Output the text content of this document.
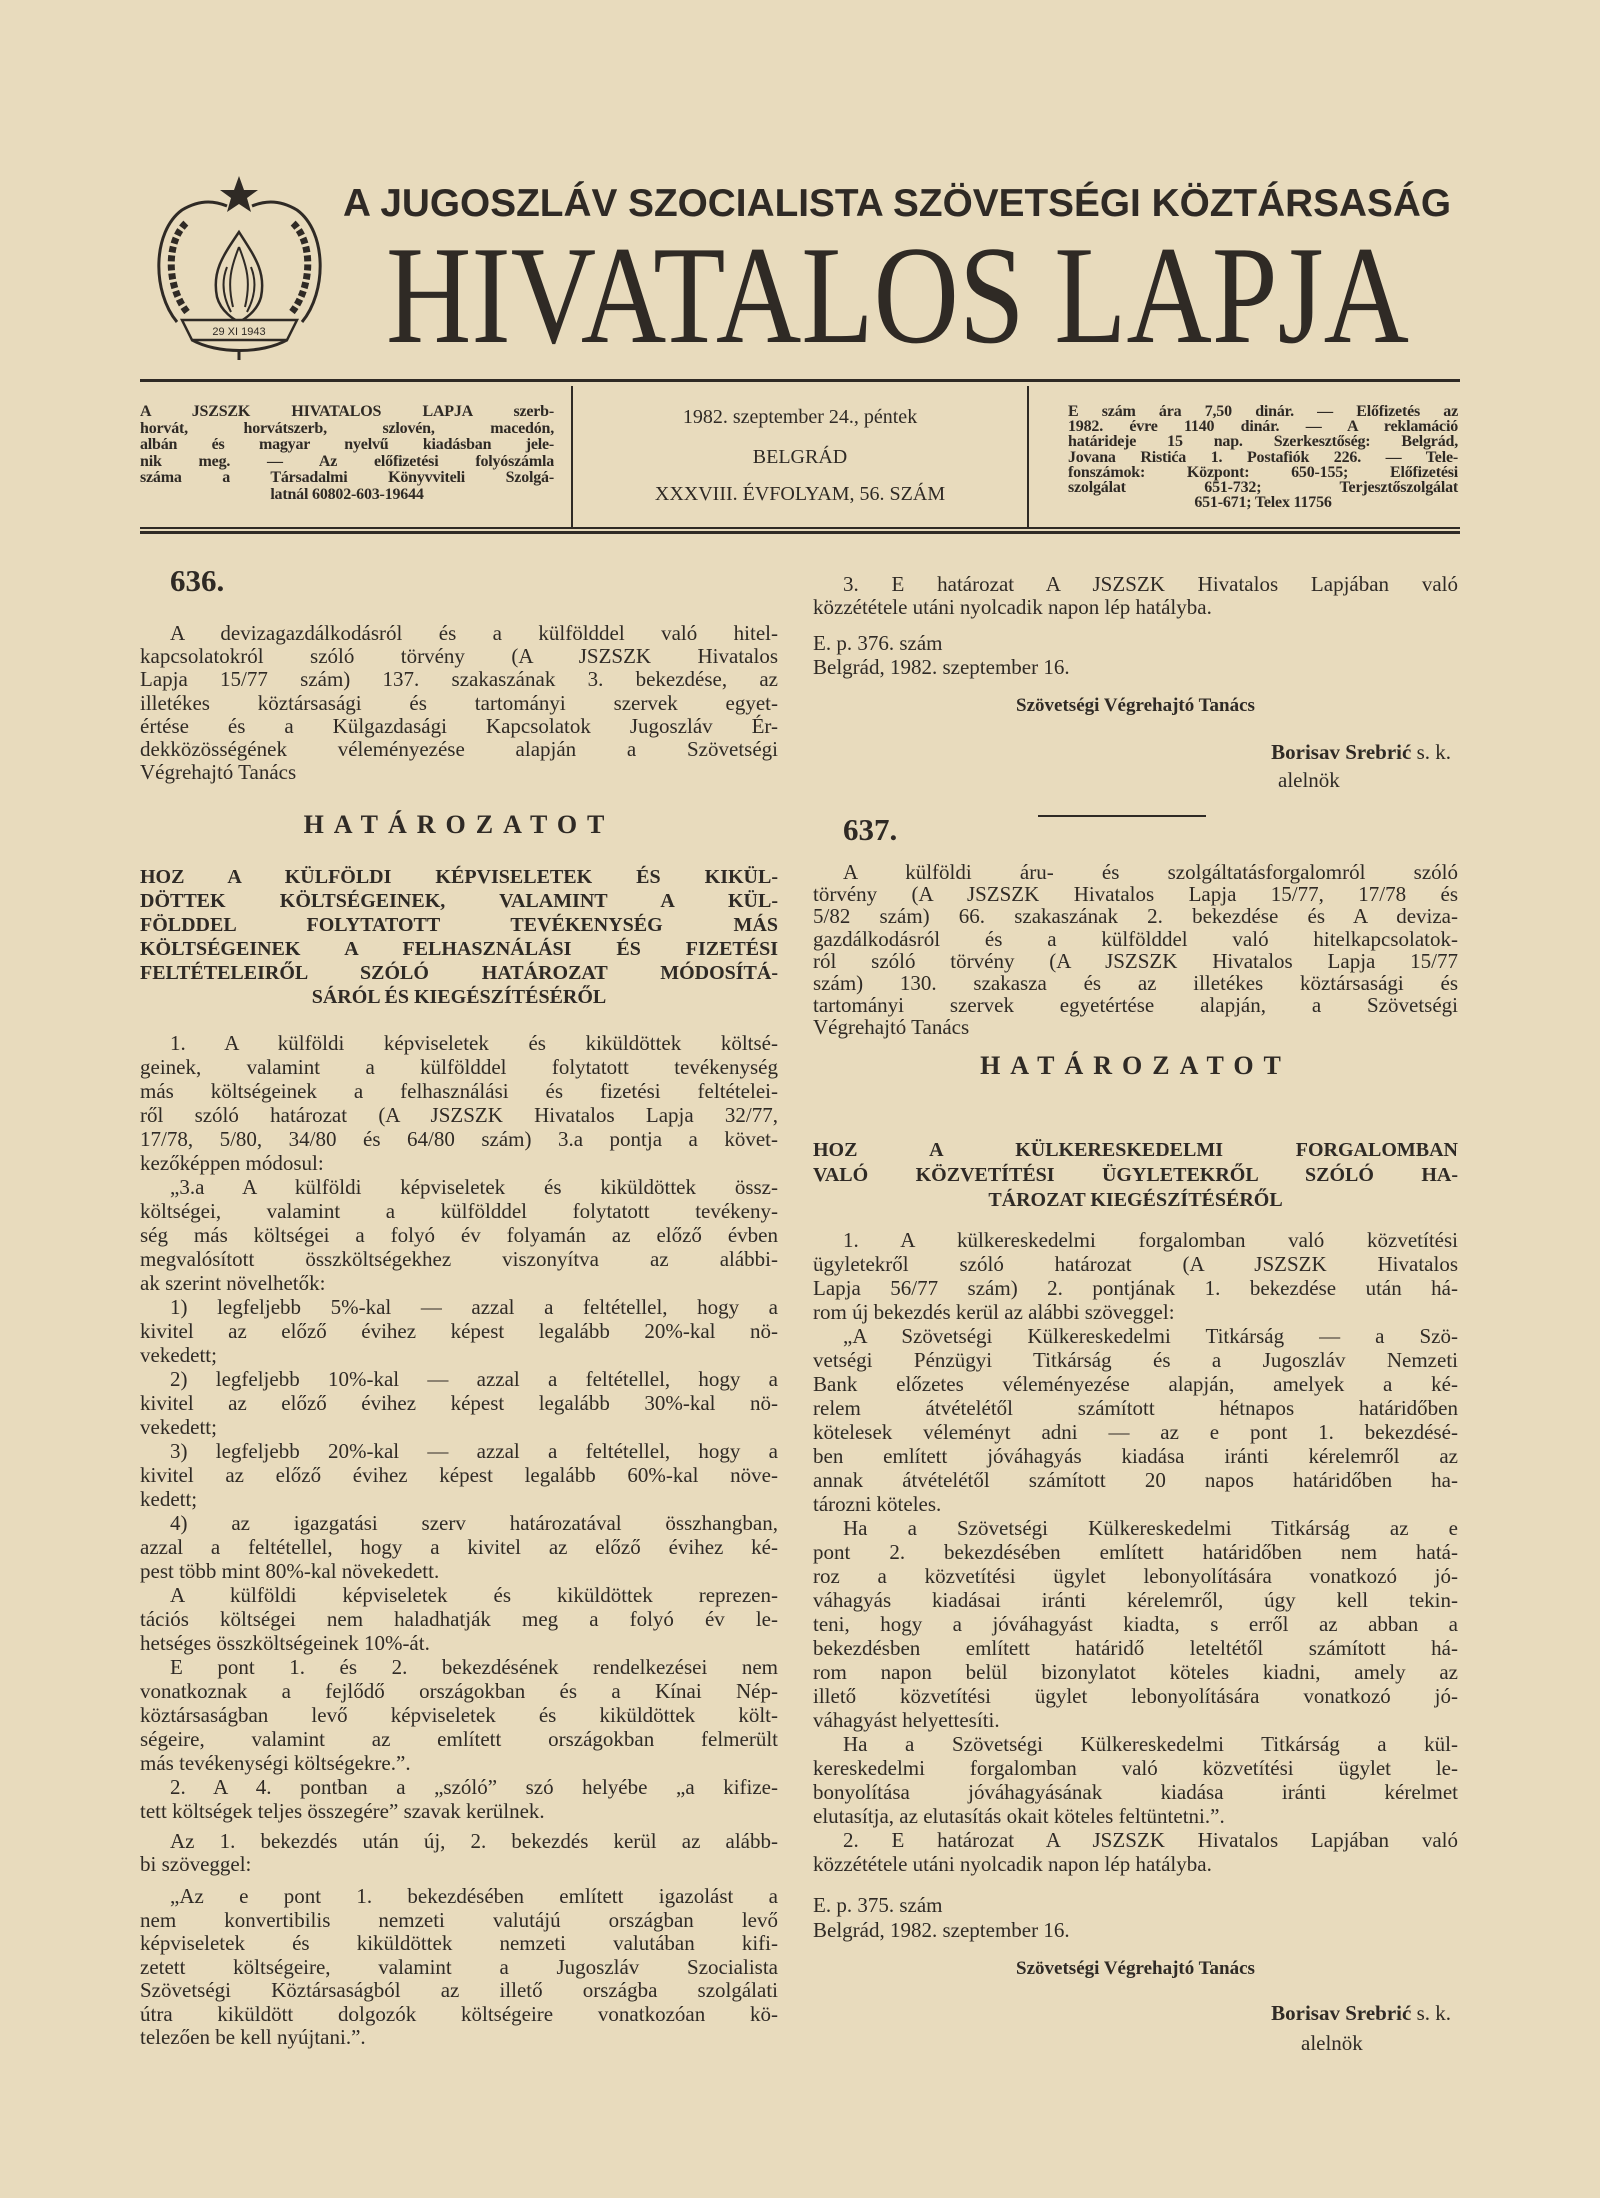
29 XI 1943
A JUGOSZLÁV SZOCIALISTA SZÖVETSÉGI KÖZTÁRSASÁG
HIVATALOS LAPJA
A JSZSZK HIVATALOS LAPJA szerb-
horvát, horvátszerb, szlovén, macedón,
albán és magyar nyelvű kiadásban jele-
nik meg. — Az előfizetési folyószámla
száma a Társadalmi Könyvviteli Szolgá-
latnál 60802-603-19644
1982. szeptember 24., péntek
BELGRÁD
XXXVIII. ÉVFOLYAM, 56. SZÁM
E szám ára 7,50 dinár. — Előfizetés az
1982. évre 1140 dinár. — A reklamáció
határideje 15 nap. Szerkesztőség: Belgrád,
Jovana Ristića 1. Postafiók 226. — Tele-
fonszámok: Központ: 650-155; Előfizetési
szolgálat 651-732; Terjesztőszolgálat
651-671; Telex 11756
636.
A devizagazdálkodásról és a külfölddel való hitel-
kapcsolatokról szóló törvény (A JSZSZK Hivatalos
Lapja 15/77 szám) 137. szakaszának 3. bekezdése, az
illetékes köztársasági és tartományi szervek egyet-
értése és a Külgazdasági Kapcsolatok Jugoszláv Ér-
dekközösségének véleményezése alapján a Szövetségi
Végrehajtó Tanács
HATÁROZATOT
HOZ A KÜLFÖLDI KÉPVISELETEK ÉS KIKÜL-
DÖTTEK KÖLTSÉGEINEK, VALAMINT A KÜL-
FÖLDDEL FOLYTATOTT TEVÉKENYSÉG MÁS
KÖLTSÉGEINEK A FELHASZNÁLÁSI ÉS FIZETÉSI
FELTÉTELEIRŐL SZÓLÓ HATÁROZAT MÓDOSÍTÁ-
SÁRÓL ÉS KIEGÉSZÍTÉSÉRŐL
1. A külföldi képviseletek és kiküldöttek költsé-
geinek, valamint a külfölddel folytatott tevékenység
más költségeinek a felhasználási és fizetési feltételei-
ről szóló határozat (A JSZSZK Hivatalos Lapja 32/77,
17/78, 5/80, 34/80 és 64/80 szám) 3.a pontja a követ-
kezőképpen módosul:
„3.a A külföldi képviseletek és kiküldöttek össz-
költségei, valamint a külfölddel folytatott tevékeny-
ség más költségei a folyó év folyamán az előző évben
megvalósított összköltségekhez viszonyítva az alábbi-
ak szerint növelhetők:
1) legfeljebb 5%-kal — azzal a feltétellel, hogy a
kivitel az előző évihez képest legalább 20%-kal nö-
vekedett;
2) legfeljebb 10%-kal — azzal a feltétellel, hogy a
kivitel az előző évihez képest legalább 30%-kal nö-
vekedett;
3) legfeljebb 20%-kal — azzal a feltétellel, hogy a
kivitel az előző évihez képest legalább 60%-kal növe-
kedett;
4) az igazgatási szerv határozatával összhangban,
azzal a feltétellel, hogy a kivitel az előző évihez ké-
pest több mint 80%-kal növekedett.
A külföldi képviseletek és kiküldöttek reprezen-
tációs költségei nem haladhatják meg a folyó év le-
hetséges összköltségeinek 10%-át.
E pont 1. és 2. bekezdésének rendelkezései nem
vonatkoznak a fejlődő országokban és a Kínai Nép-
köztársaságban levő képviseletek és kiküldöttek költ-
ségeire, valamint az említett országokban felmerült
más tevékenységi költségekre.”.
2. A 4. pontban a „szóló” szó helyébe „a kifize-
tett költségek teljes összegére” szavak kerülnek.
Az 1. bekezdés után új, 2. bekezdés kerül az alább-
bi szöveggel:
„Az e pont 1. bekezdésében említett igazolást a
nem konvertibilis nemzeti valutájú országban levő
képviseletek és kiküldöttek nemzeti valutában kifi-
zetett költségeire, valamint a Jugoszláv Szocialista
Szövetségi Köztársaságból az illető országba szolgálati
útra kiküldött dolgozók költségeire vonatkozóan kö-
telezően be kell nyújtani.”.
3. E határozat A JSZSZK Hivatalos Lapjában való
közzététele utáni nyolcadik napon lép hatályba.
E. p. 376. szám
Belgrád, 1982. szeptember 16.
Szövetségi Végrehajtó Tanács
Borisav Srebrić s. k.
alelnök
637.
A külföldi áru- és szolgáltatásforgalomról szóló
törvény (A JSZSZK Hivatalos Lapja 15/77, 17/78 és
5/82 szám) 66. szakaszának 2. bekezdése és A deviza-
gazdálkodásról és a külfölddel való hitelkapcsolatok-
ról szóló törvény (A JSZSZK Hivatalos Lapja 15/77
szám) 130. szakasza és az illetékes köztársasági és
tartományi szervek egyetértése alapján, a Szövetségi
Végrehajtó Tanács
HATÁROZATOT
HOZ A KÜLKERESKEDELMI FORGALOMBAN
VALÓ KÖZVETÍTÉSI ÜGYLETEKRŐL SZÓLÓ HA-
TÁROZAT KIEGÉSZÍTÉSÉRŐL
1. A külkereskedelmi forgalomban való közvetítési
ügyletekről szóló határozat (A JSZSZK Hivatalos
Lapja 56/77 szám) 2. pontjának 1. bekezdése után há-
rom új bekezdés kerül az alábbi szöveggel:
„A Szövetségi Külkereskedelmi Titkárság — a Szö-
vetségi Pénzügyi Titkárság és a Jugoszláv Nemzeti
Bank előzetes véleményezése alapján, amelyek a ké-
relem átvételétől számított hétnapos határidőben
kötelesek véleményt adni — az e pont 1. bekezdésé-
ben említett jóváhagyás kiadása iránti kérelemről az
annak átvételétől számított 20 napos határidőben ha-
tározni köteles.
Ha a Szövetségi Külkereskedelmi Titkárság az e
pont 2. bekezdésében említett határidőben nem hatá-
roz a közvetítési ügylet lebonyolítására vonatkozó jó-
váhagyás kiadásai iránti kérelemről, úgy kell tekin-
teni, hogy a jóváhagyást kiadta, s erről az abban a
bekezdésben említett határidő leteltétől számított há-
rom napon belül bizonylatot köteles kiadni, amely az
illető közvetítési ügylet lebonyolítására vonatkozó jó-
váhagyást helyettesíti.
Ha a Szövetségi Külkereskedelmi Titkárság a kül-
kereskedelmi forgalomban való közvetítési ügylet le-
bonyolítása jóváhagyásának kiadása iránti kérelmet
elutasítja, az elutasítás okait köteles feltüntetni.”.
2. E határozat A JSZSZK Hivatalos Lapjában való
közzététele utáni nyolcadik napon lép hatályba.
E. p. 375. szám
Belgrád, 1982. szeptember 16.
Szövetségi Végrehajtó Tanács
Borisav Srebrić s. k.
alelnök
